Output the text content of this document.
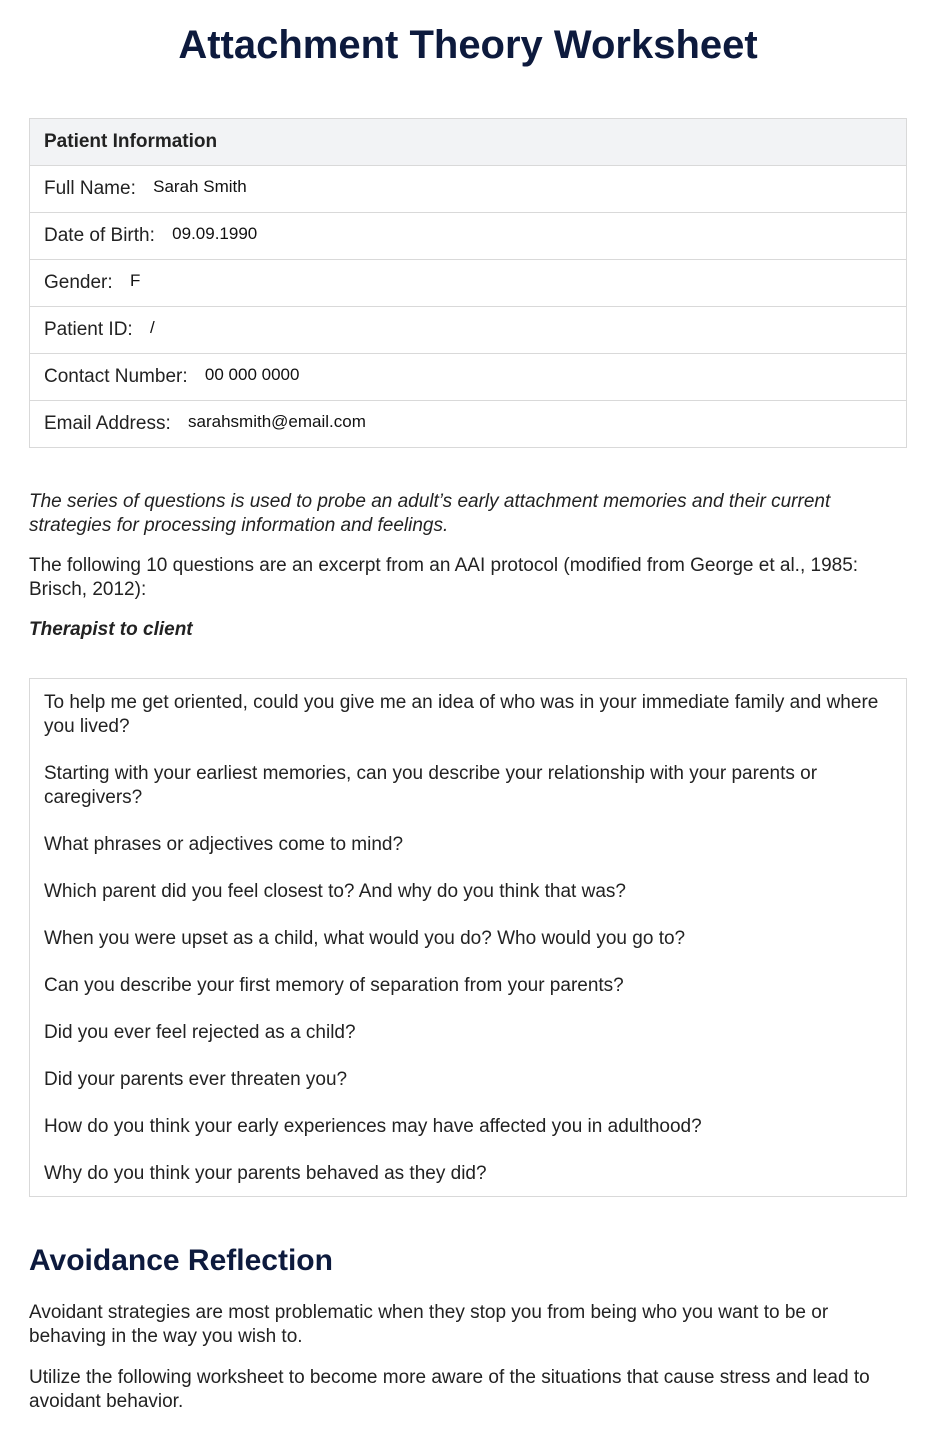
Attachment Theory Worksheet
Patient Information
Full Name: Sarah Smith
Date of Birth: 09.09.1990
Gender: F
Patient ID: /
Contact Number: 00 000 0000
Email Address: sarahsmith@email.com

The series of questions is used to probe an adult’s early attachment memories and their current strategies for processing information and feelings.

The following 10 questions are an excerpt from an AAI protocol (modified from George et al., 1985: Brisch, 2012):

Therapist to client

To help me get oriented, could you give me an idea of who was in your immediate family and where you lived?
Starting with your earliest memories, can you describe your relationship with your parents or caregivers?
What phrases or adjectives come to mind?
Which parent did you feel closest to? And why do you think that was?
When you were upset as a child, what would you do? Who would you go to?
Can you describe your first memory of separation from your parents?
Did you ever feel rejected as a child?
Did your parents ever threaten you?
How do you think your early experiences may have affected you in adulthood?
Why do you think your parents behaved as they did?
Avoidance Reflection

Avoidant strategies are most problematic when they stop you from being who you want to be or behaving in the way you wish to.

Utilize the following worksheet to become more aware of the situations that cause stress and lead to avoidant behavior.
